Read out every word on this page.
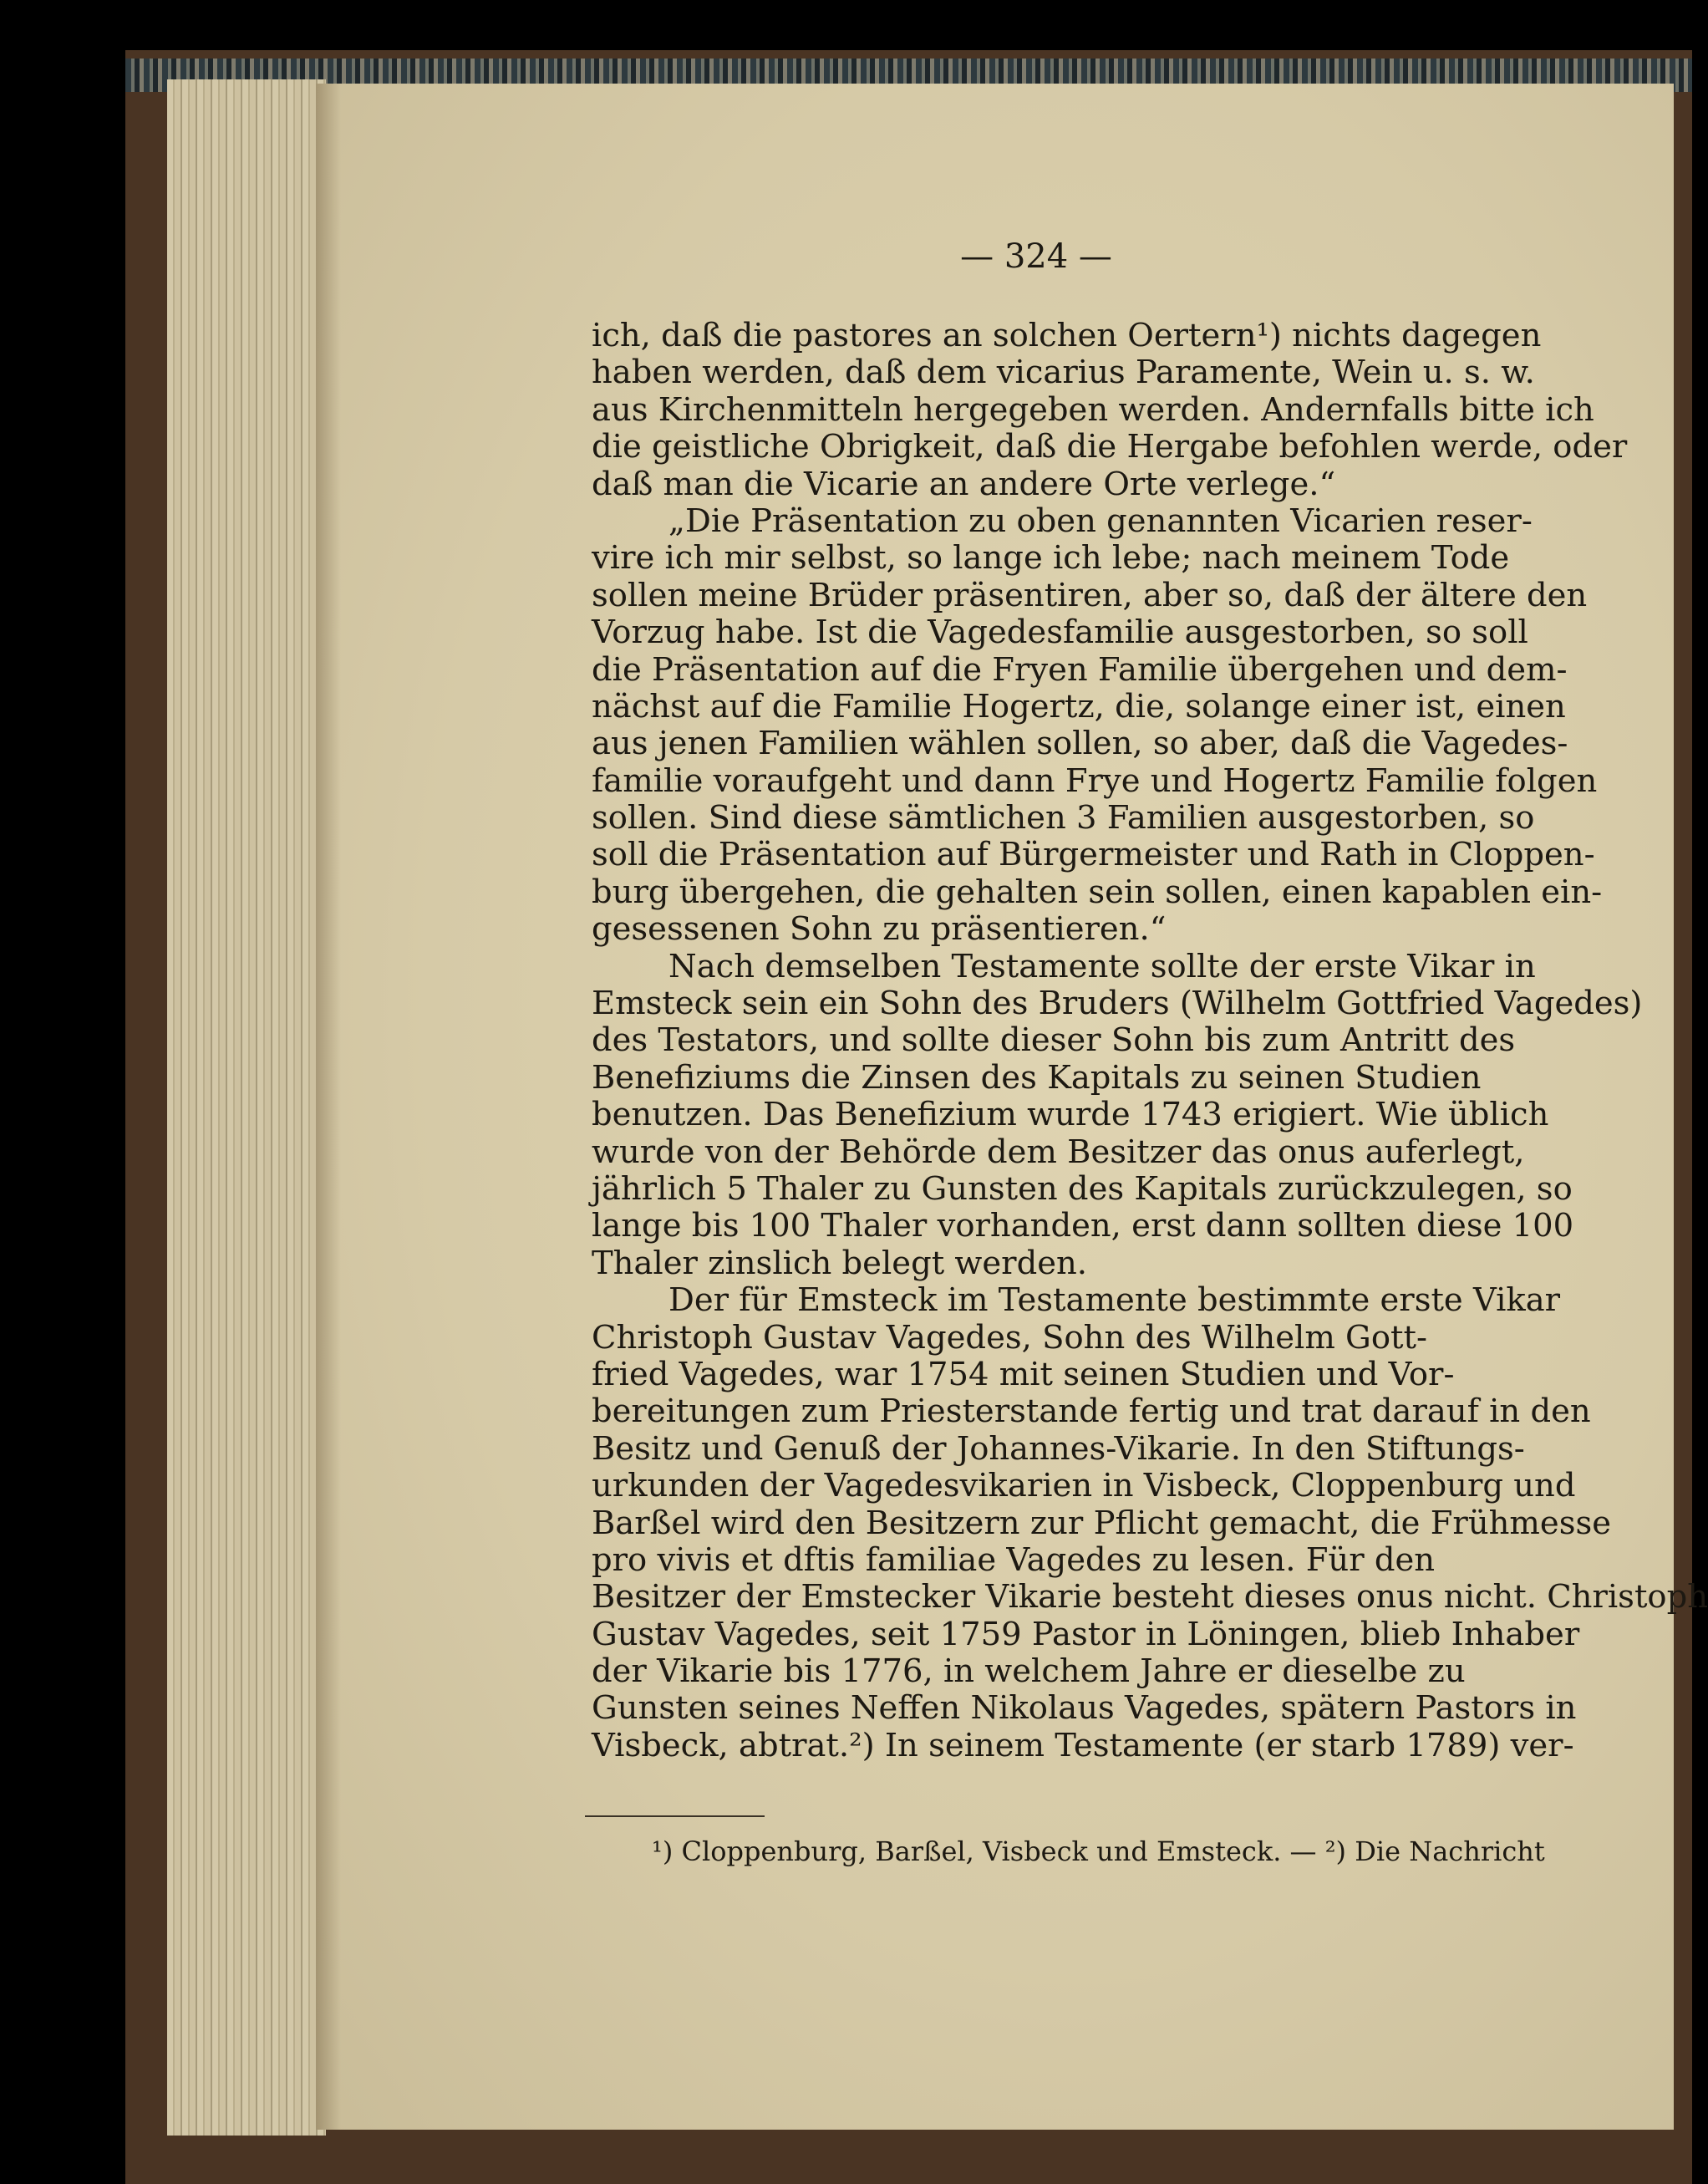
— 324 —
ich, daß die pastores an solchen Oertern¹) nichts dagegen
haben werden, daß dem vicarius Paramente, Wein u. s. w.
aus Kirchenmitteln hergegeben werden. Andernfalls bitte ich
die geistliche Obrigkeit, daß die Hergabe befohlen werde, oder
daß man die Vicarie an andere Orte verlege.“
„Die Präsentation zu oben genannten Vicarien reser-
vire ich mir selbst, so lange ich lebe; nach meinem Tode
sollen meine Brüder präsentiren, aber so, daß der ältere den
Vorzug habe. Ist die Vagedesfamilie ausgestorben, so soll
die Präsentation auf die Fryen Familie übergehen und dem-
nächst auf die Familie Hogertz, die, solange einer ist, einen
aus jenen Familien wählen sollen, so aber, daß die Vagedes-
familie voraufgeht und dann Frye und Hogertz Familie folgen
sollen. Sind diese sämtlichen 3 Familien ausgestorben, so
soll die Präsentation auf Bürgermeister und Rath in Cloppen-
burg übergehen, die gehalten sein sollen, einen kapablen ein-
gesessenen Sohn zu präsentieren.“
Nach demselben Testamente sollte der erste Vikar in
Emsteck sein ein Sohn des Bruders (Wilhelm Gottfried Vagedes)
des Testators, und sollte dieser Sohn bis zum Antritt des
Benefiziums die Zinsen des Kapitals zu seinen Studien
benutzen. Das Benefizium wurde 1743 erigiert. Wie üblich
wurde von der Behörde dem Besitzer das onus auferlegt,
jährlich 5 Thaler zu Gunsten des Kapitals zurückzulegen, so
lange bis 100 Thaler vorhanden, erst dann sollten diese 100
Thaler zinslich belegt werden.
Der für Emsteck im Testamente bestimmte erste Vikar
Christoph Gustav Vagedes, Sohn des Wilhelm Gott-
fried Vagedes, war 1754 mit seinen Studien und Vor-
bereitungen zum Priesterstande fertig und trat darauf in den
Besitz und Genuß der Johannes-Vikarie. In den Stiftungs-
urkunden der Vagedesvikarien in Visbeck, Cloppenburg und
Barßel wird den Besitzern zur Pflicht gemacht, die Frühmesse
pro vivis et dftis familiae Vagedes zu lesen. Für den
Besitzer der Emstecker Vikarie besteht dieses onus nicht. Christoph
Gustav Vagedes, seit 1759 Pastor in Löningen, blieb Inhaber
der Vikarie bis 1776, in welchem Jahre er dieselbe zu
Gunsten seines Neffen Nikolaus Vagedes, spätern Pastors in
Visbeck, abtrat.²) In seinem Testamente (er starb 1789) ver-
¹) Cloppenburg, Barßel, Visbeck und Emsteck. — ²) Die Nachricht
